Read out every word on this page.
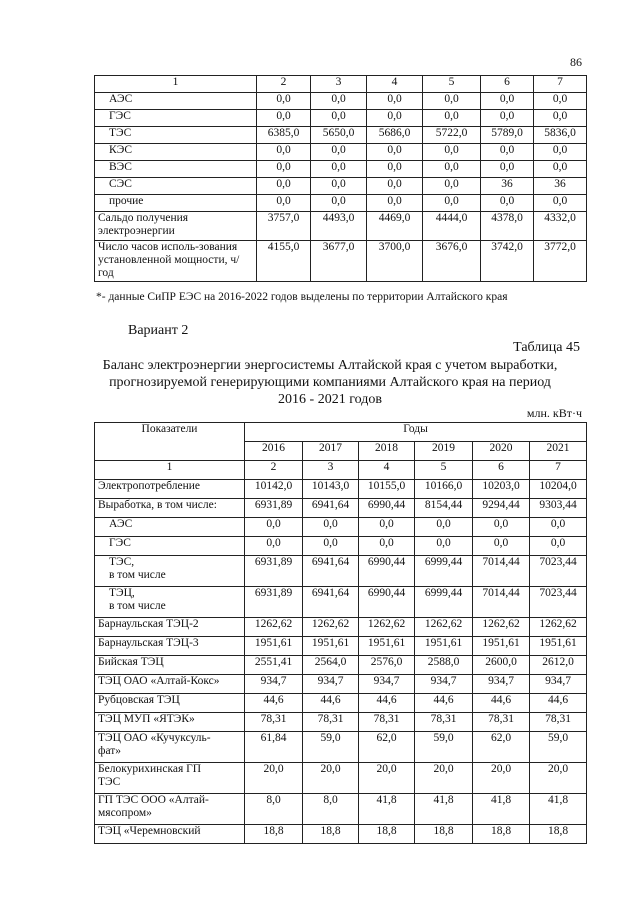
86
1	2	3	4	5	6	7
АЭС	0,0	0,0	0,0	0,0	0,0	0,0
ГЭС	0,0	0,0	0,0	0,0	0,0	0,0
ТЭС	6385,0	5650,0	5686,0	5722,0	5789,0	5836,0
КЭС	0,0	0,0	0,0	0,0	0,0	0,0
ВЭС	0,0	0,0	0,0	0,0	0,0	0,0
СЭС	0,0	0,0	0,0	0,0	36	36
прочие	0,0	0,0	0,0	0,0	0,0	0,0
Сальдо получения электроэнергии	3757,0	4493,0	4469,0	4444,0	4378,0	4332,0
Число часов исполь-зования установленной мощности, ч/год	4155,0	3677,0	3700,0	3676,0	3742,0	3772,0
*- данные СиПР ЕЭС на 2016-2022 годов выделены по территории Алтайского края
Вариант 2
Таблица 45
Баланс электроэнергии энергосистемы Алтайской края с учетом выработки,
прогнозируемой генерирующими компаниями Алтайского края на период
2016 - 2021 годов
млн. кВт·ч
Показатели	Годы					
	2016	2017	2018	2019	2020	2021
1	2	3	4	5	6	7

Электропотребление	10142,0	10143,0	10155,0	10166,0	10203,0	10204,0

Выработка, в том числе:	6931,89	6941,64	6990,44	8154,44	9294,44	9303,44

АЭС	0,0	0,0	0,0	0,0	0,0	0,0

ГЭС	0,0	0,0	0,0	0,0	0,0	0,0

ТЭС,
в том числе	6931,89	6941,64	6990,44	6999,44	7014,44	7023,44

ТЭЦ,
в том числе	6931,89	6941,64	6990,44	6999,44	7014,44	7023,44

Барнаульская ТЭЦ-2	1262,62	1262,62	1262,62	1262,62	1262,62	1262,62

Барнаульская ТЭЦ-3	1951,61	1951,61	1951,61	1951,61	1951,61	1951,61

Бийская ТЭЦ	2551,41	2564,0	2576,0	2588,0	2600,0	2612,0

ТЭЦ ОАО «Алтай-Кокс»	934,7	934,7	934,7	934,7	934,7	934,7

Рубцовская ТЭЦ	44,6	44,6	44,6	44,6	44,6	44,6

ТЭЦ МУП «ЯТЭК»	78,31	78,31	78,31	78,31	78,31	78,31

ТЭЦ ОАО «Кучуксуль-
фат»	61,84	59,0	62,0	59,0	62,0	59,0

Белокурихинская ГП
ТЭС	20,0	20,0	20,0	20,0	20,0	20,0

ГП ТЭС ООО «Алтай-
мясопром»	8,0	8,0	41,8	41,8	41,8	41,8

ТЭЦ «Черемновский	18,8	18,8	18,8	18,8	18,8	18,8
